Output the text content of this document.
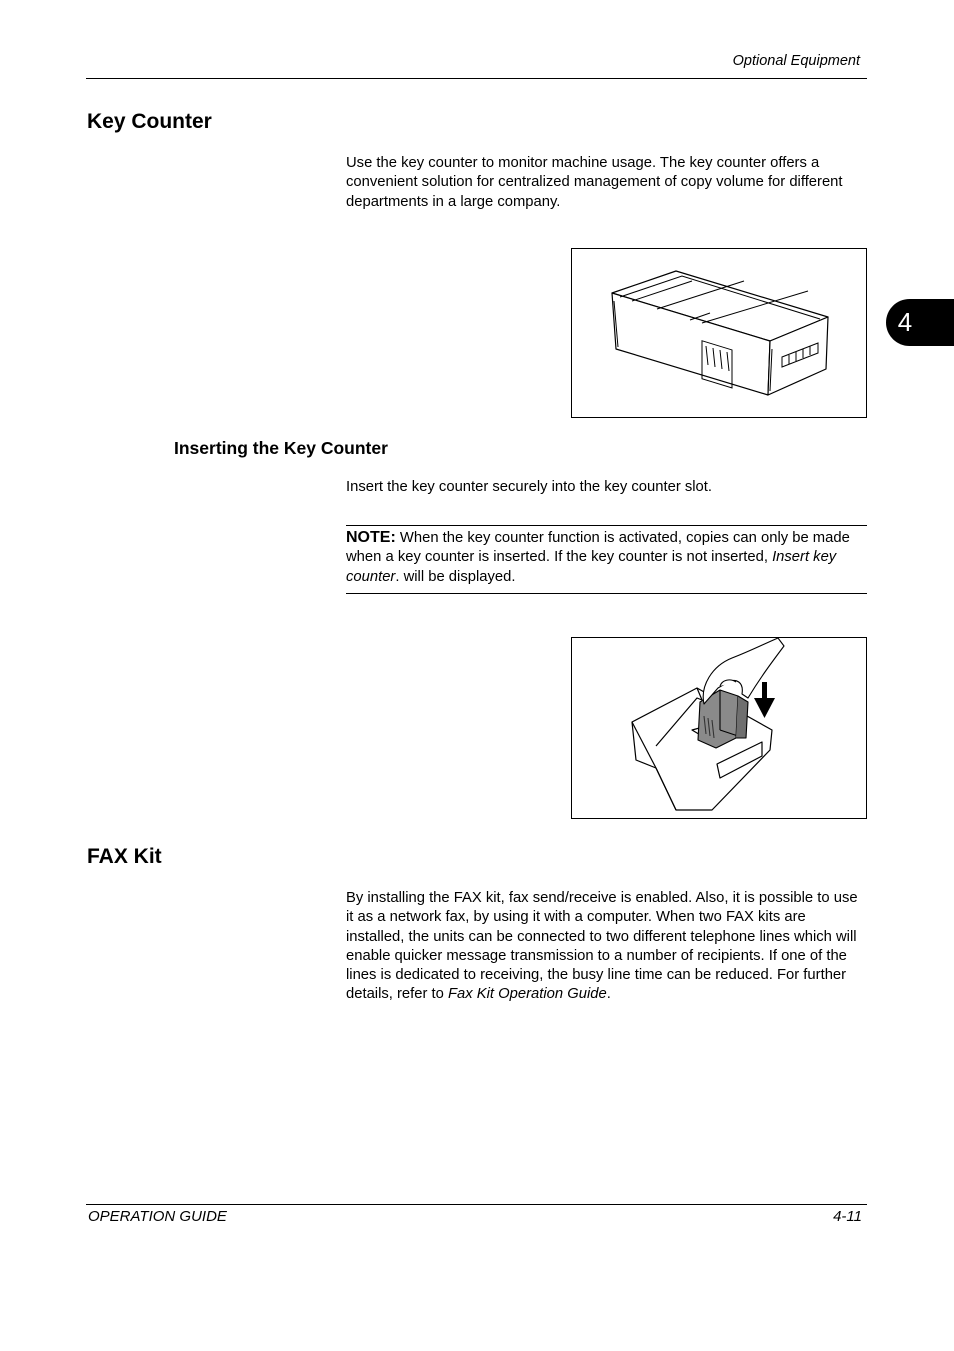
Optional Equipment
4
Key Counter

Use the key counter to monitor machine usage. The key counter offers a convenient solution for centralized management of copy volume for different departments in a large company.

Inserting the Key Counter
Insert the key counter securely into the key counter slot.

NOTE: When the key counter function is activated, copies can only be made when a key counter is inserted. If the key counter is not inserted, Insert key counter. will be displayed.

FAX Kit

By installing the FAX kit, fax send/receive is enabled. Also, it is possible to use it as a network fax, by using it with a computer. When two FAX kits are installed, the units can be connected to two different telephone lines which will enable quicker message transmission to a number of recipients. If one of the lines is dedicated to receiving, the busy line time can be reduced. For further details, refer to Fax Kit Operation Guide.

OPERATION GUIDE	4-11
